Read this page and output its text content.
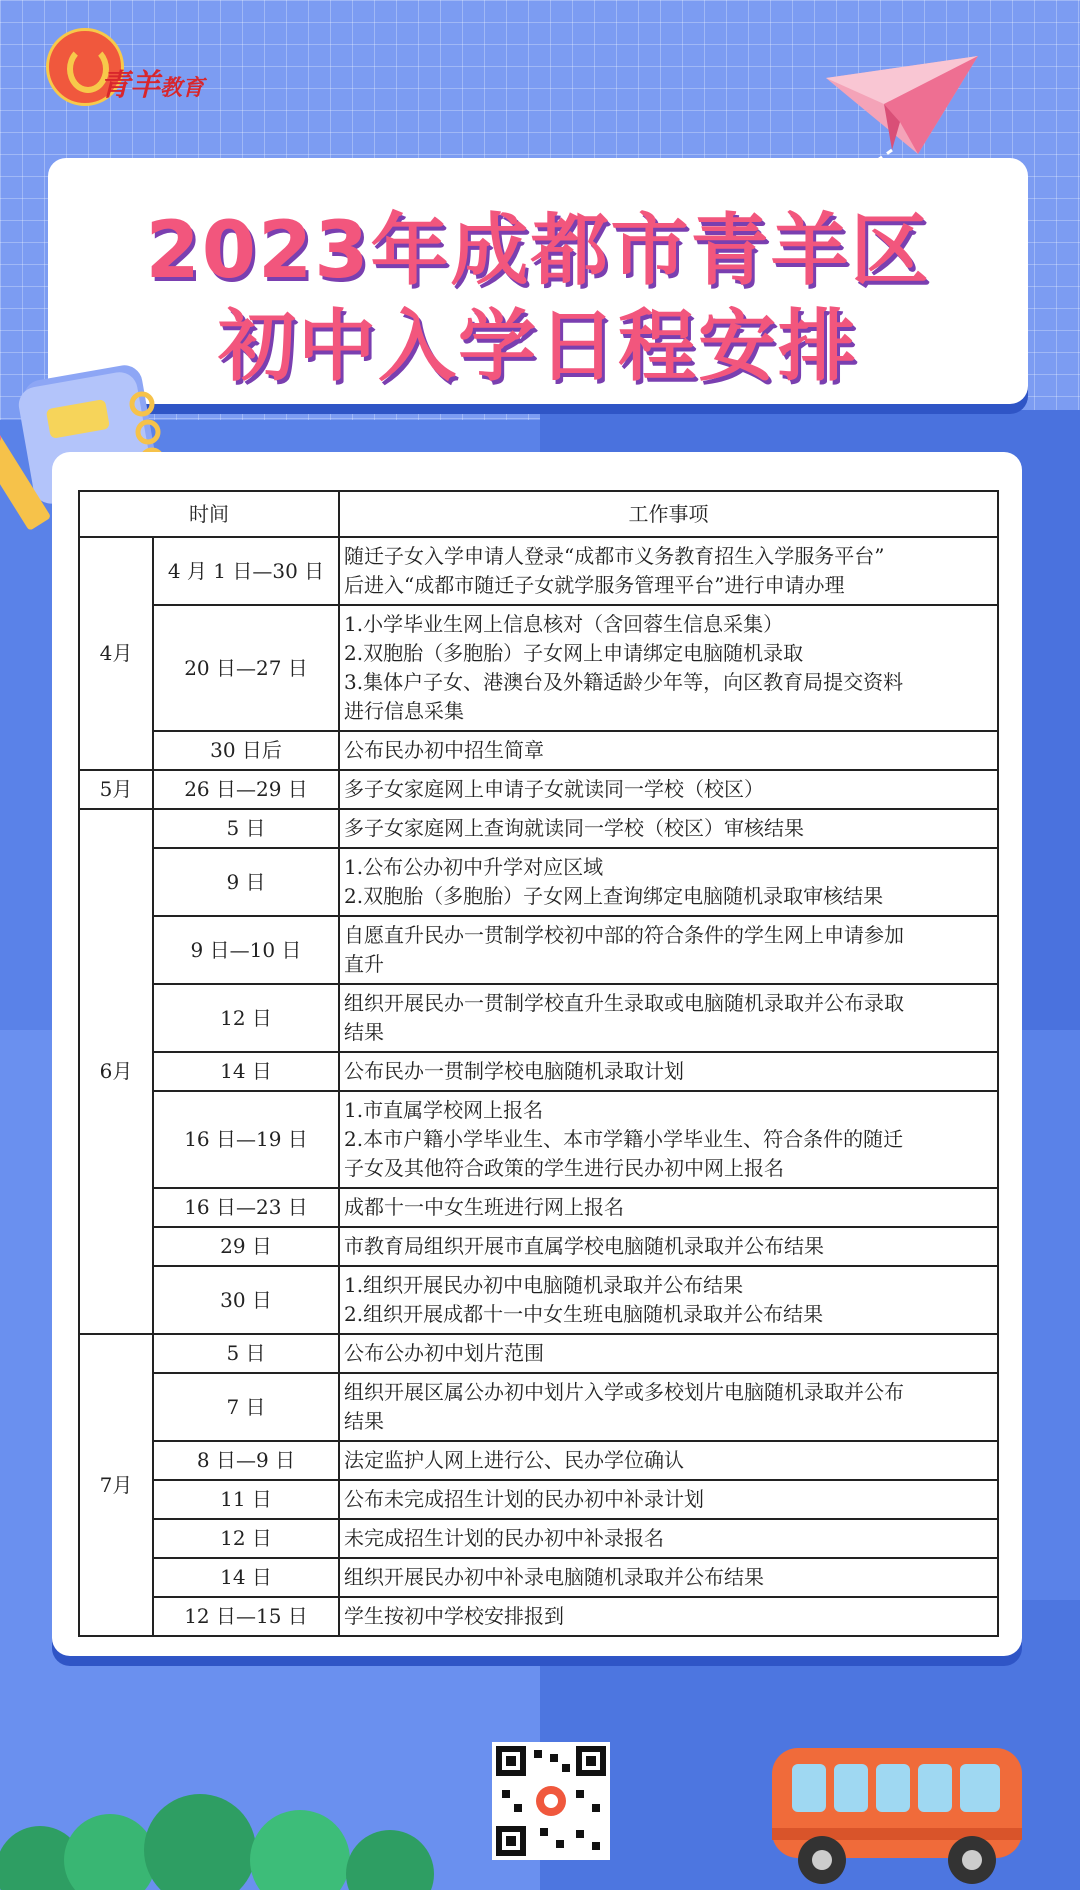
青羊教育
2023年成都市青羊区
初中入学日程安排
时间		工作事项
4月	4 月 1 日—30 日	随迁子女入学申请人登录“成都市义务教育招生入学服务平台”
后进入“成都市随迁子女就学服务管理平台”进行申请办理

	20 日—27 日	1.小学毕业生网上信息核对（含回蓉生信息采集）
2.双胞胎（多胞胎）子女网上申请绑定电脑随机录取
3.集体户子女、港澳台及外籍适龄少年等，向区教育局提交资料
进行信息采集

	30 日后	公布民办初中招生简章

5月	26 日—29 日	多子女家庭网上申请子女就读同一学校（校区）

6月	5 日	多子女家庭网上查询就读同一学校（校区）审核结果

	9 日	1.公布公办初中升学对应区域
2.双胞胎（多胞胎）子女网上查询绑定电脑随机录取审核结果

	9 日—10 日	自愿直升民办一贯制学校初中部的符合条件的学生网上申请参加
直升

	12 日	组织开展民办一贯制学校直升生录取或电脑随机录取并公布录取
结果

	14 日	公布民办一贯制学校电脑随机录取计划

	16 日—19 日	1.市直属学校网上报名
2.本市户籍小学毕业生、本市学籍小学毕业生、符合条件的随迁
子女及其他符合政策的学生进行民办初中网上报名

	16 日—23 日	成都十一中女生班进行网上报名

	29 日	市教育局组织开展市直属学校电脑随机录取并公布结果

	30 日	1.组织开展民办初中电脑随机录取并公布结果
2.组织开展成都十一中女生班电脑随机录取并公布结果

7月	5 日	公布公办初中划片范围

	7 日	组织开展区属公办初中划片入学或多校划片电脑随机录取并公布
结果

	8 日—9 日	法定监护人网上进行公、民办学位确认

	11 日	公布未完成招生计划的民办初中补录计划

	12 日	未完成招生计划的民办初中补录报名

	14 日	组织开展民办初中补录电脑随机录取并公布结果

	12 日—15 日	学生按初中学校安排报到
